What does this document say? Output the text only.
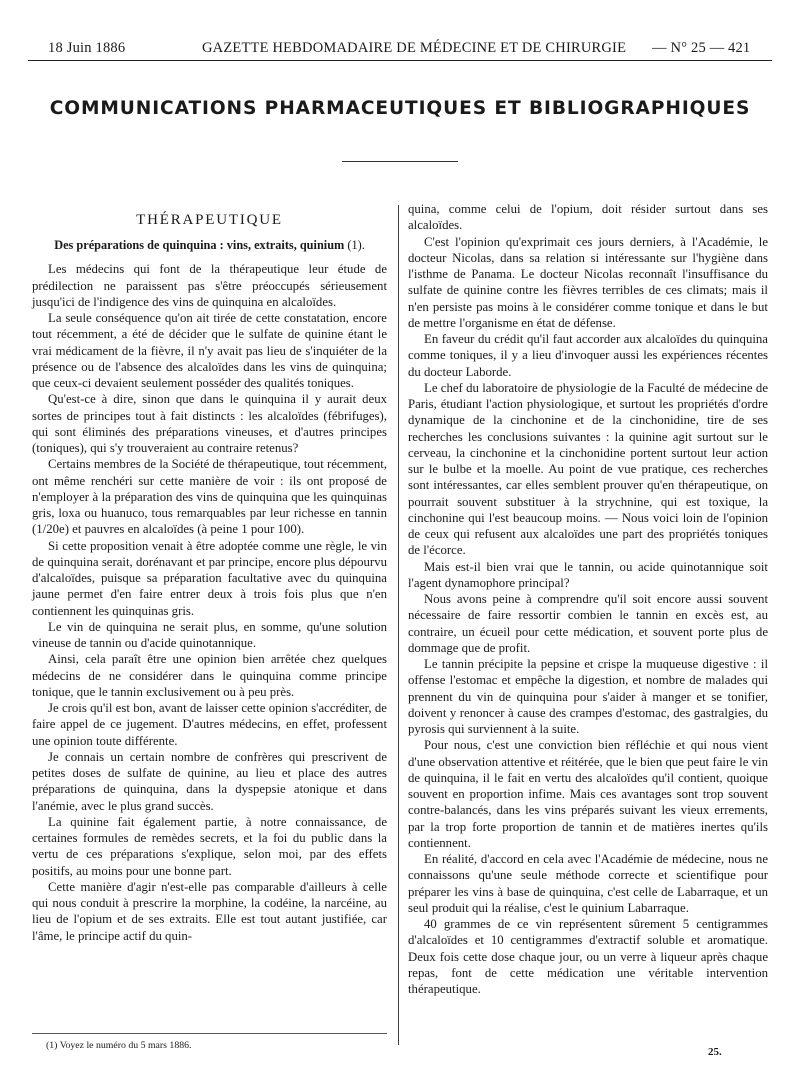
18 Juin 1886	GAZETTE HEBDOMADAIRE DE MÉDECINE ET DE CHIRURGIE — N° 25 — 421
COMMUNICATIONS PHARMACEUTIQUES ET BIBLIOGRAPHIQUES
THÉRAPEUTIQUE

Des préparations de quinquina : vins, extraits, quinium (1).

Les médecins qui font de la thérapeutique leur étude de prédilection ne paraissent pas s'être préoccupés sérieusement jusqu'ici de l'indigence des vins de quinquina en alcaloïdes.

La seule conséquence qu'on ait tirée de cette constatation, encore tout récemment, a été de décider que le sulfate de quinine étant le vrai médicament de la fièvre, il n'y avait pas lieu de s'inquiéter de la présence ou de l'absence des alcaloïdes dans les vins de quinquina; que ceux-ci devaient seulement posséder des qualités toniques.

Qu'est-ce à dire, sinon que dans le quinquina il y aurait deux sortes de principes tout à fait distincts : les alcaloïdes (fébrifuges), qui sont éliminés des préparations vineuses, et d'autres principes (toniques), qui s'y trouveraient au contraire retenus?

Certains membres de la Société de thérapeutique, tout récemment, ont même renchéri sur cette manière de voir : ils ont proposé de n'employer à la préparation des vins de quinquina que les quinquinas gris, loxa ou huanuco, tous remarquables par leur richesse en tannin (1/20e) et pauvres en alcaloïdes (à peine 1 pour 100).

Si cette proposition venait à être adoptée comme une règle, le vin de quinquina serait, dorénavant et par principe, encore plus dépourvu d'alcaloïdes, puisque sa préparation facultative avec du quinquina jaune permet d'en faire entrer deux à trois fois plus que n'en contiennent les quinquinas gris.

Le vin de quinquina ne serait plus, en somme, qu'une solution vineuse de tannin ou d'acide quinotannique.

Ainsi, cela paraît être une opinion bien arrêtée chez quelques médecins de ne considérer dans le quinquina comme principe tonique, que le tannin exclusivement ou à peu près.

Je crois qu'il est bon, avant de laisser cette opinion s'accréditer, de faire appel de ce jugement. D'autres médecins, en effet, professent une opinion toute différente.

Je connais un certain nombre de confrères qui prescrivent de petites doses de sulfate de quinine, au lieu et place des autres préparations de quinquina, dans la dyspepsie atonique et dans l'anémie, avec le plus grand succès.

La quinine fait également partie, à notre connaissance, de certaines formules de remèdes secrets, et la foi du public dans la vertu de ces préparations s'explique, selon moi, par des effets positifs, au moins pour une bonne part.

Cette manière d'agir n'est-elle pas comparable d'ailleurs à celle qui nous conduit à prescrire la morphine, la codéine, la narcéine, au lieu de l'opium et de ses extraits. Elle est tout autant justifiée, car l'âme, le principe actif du quin-

quina, comme celui de l'opium, doit résider surtout dans ses alcaloïdes.

C'est l'opinion qu'exprimait ces jours derniers, à l'Académie, le docteur Nicolas, dans sa relation si intéressante sur l'hygiène dans l'isthme de Panama. Le docteur Nicolas reconnaît l'insuffisance du sulfate de quinine contre les fièvres terribles de ces climats; mais il n'en persiste pas moins à le considérer comme tonique et dans le but de mettre l'organisme en état de défense.

En faveur du crédit qu'il faut accorder aux alcaloïdes du quinquina comme toniques, il y a lieu d'invoquer aussi les expériences récentes du docteur Laborde.

Le chef du laboratoire de physiologie de la Faculté de médecine de Paris, étudiant l'action physiologique, et surtout les propriétés d'ordre dynamique de la cinchonine et de la cinchonidine, tire de ses recherches les conclusions suivantes : la quinine agit surtout sur le cerveau, la cinchonine et la cinchonidine portent surtout leur action sur le bulbe et la moelle. Au point de vue pratique, ces recherches sont intéressantes, car elles semblent prouver qu'en thérapeutique, on pourrait souvent substituer à la strychnine, qui est toxique, la cinchonine qui l'est beaucoup moins. — Nous voici loin de l'opinion de ceux qui refusent aux alcaloïdes une part des propriétés toniques de l'écorce.

Mais est-il bien vrai que le tannin, ou acide quinotannique soit l'agent dynamophore principal?

Nous avons peine à comprendre qu'il soit encore aussi souvent nécessaire de faire ressortir combien le tannin en excès est, au contraire, un écueil pour cette médication, et souvent porte plus de dommage que de profit.

Le tannin précipite la pepsine et crispe la muqueuse digestive : il offense l'estomac et empêche la digestion, et nombre de malades qui prennent du vin de quinquina pour s'aider à manger et se tonifier, doivent y renoncer à cause des crampes d'estomac, des gastralgies, du pyrosis qui surviennent à la suite.

Pour nous, c'est une conviction bien réfléchie et qui nous vient d'une observation attentive et réitérée, que le bien que peut faire le vin de quinquina, il le fait en vertu des alcaloïdes qu'il contient, quoique souvent en proportion infime. Mais ces avantages sont trop souvent contre-balancés, dans les vins préparés suivant les vieux errements, par la trop forte proportion de tannin et de matières inertes qu'ils contiennent.

En réalité, d'accord en cela avec l'Académie de médecine, nous ne connaissons qu'une seule méthode correcte et scientifique pour préparer les vins à base de quinquina, c'est celle de Labarraque, et un seul produit qui la réalise, c'est le quinium Labarraque.

40 grammes de ce vin représentent sûrement 5 centigrammes d'alcaloïdes et 10 centigrammes d'extractif soluble et aromatique. Deux fois cette dose chaque jour, ou un verre à liqueur après chaque repas, font de cette médication une véritable intervention thérapeutique.

(1) Voyez le numéro du 5 mars 1886.
25.
